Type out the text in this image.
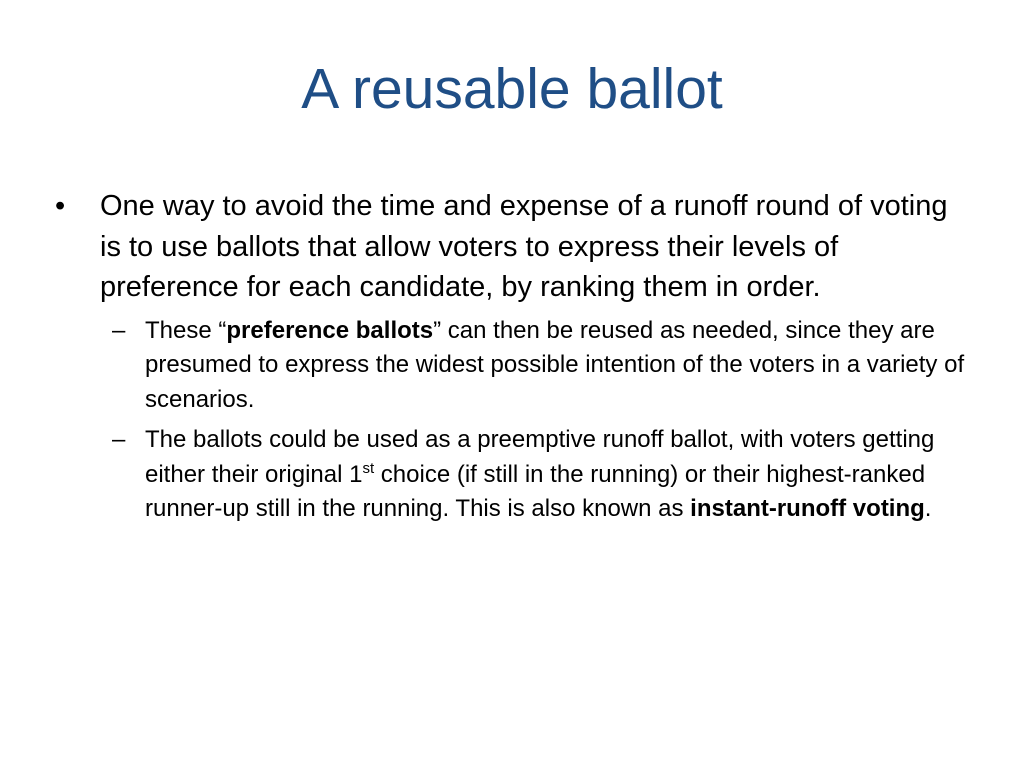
A reusable ballot
•	One way to avoid the time and expense of a runoff round of voting is to use ballots that allow voters to express their levels of preference for each candidate, by ranking them in order.
– These “preference ballots” can then be reused as needed, since they are presumed to express the widest possible intention of the voters in a variety of scenarios.
– The ballots could be used as a preemptive runoff ballot, with voters getting either their original 1st choice (if still in the running) or their highest-ranked runner-up still in the running. This is also known as instant-runoff voting.
